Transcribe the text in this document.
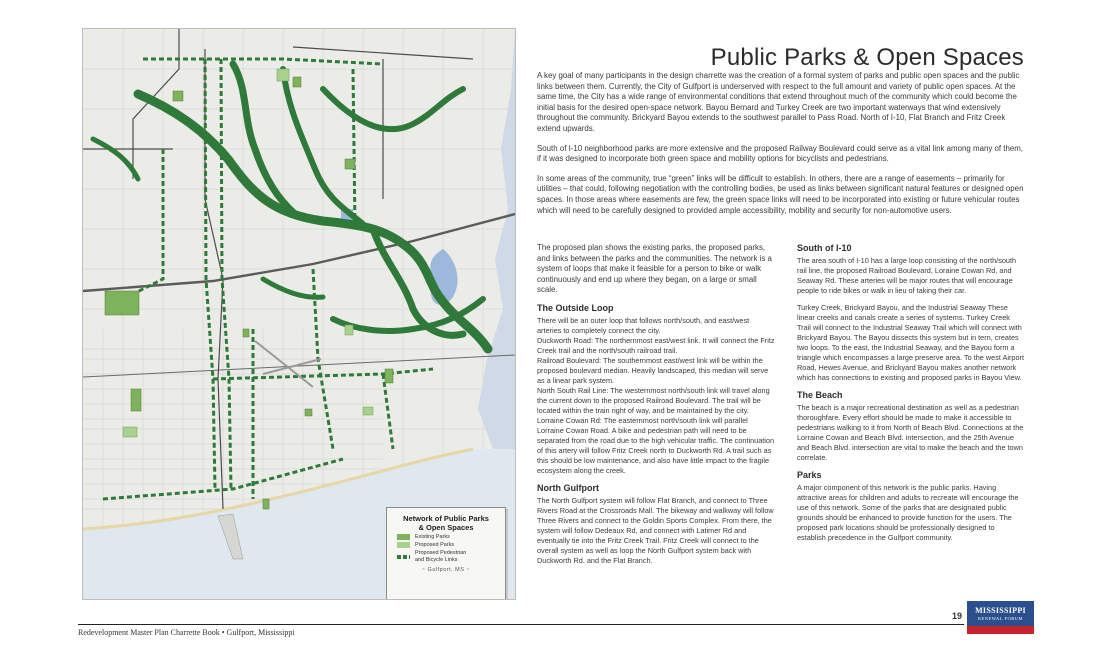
Network of Public Parks
& Open Spaces
Existing Parks
Proposed Parks
Proposed Pedestrian and Bicycle Links
~ Gulfport, MS ~
Public Parks & Open Spaces

A key goal of many participants in the design charrette was the creation of a formal system of parks and public open spaces and the public links between them. Currently, the City of Gulfport is underserved with respect to the full amount and variety of public open spaces. At the same time, the City has a wide range of environmental conditions that extend throughout much of the community which could become the initial basis for the desired open-space network. Bayou Bernard and Turkey Creek are two important waterways that wind extensively throughout the community. Brickyard Bayou extends to the southwest parallel to Pass Road. North of I-10, Flat Branch and Fritz Creek extend upwards.

South of I-10 neighborhood parks are more extensive and the proposed Railway Boulevard could serve as a vital link among many of them, if it was designed to incorporate both green space and mobility options for bicyclists and pedestrians.

In some areas of the community, true “green” links will be difficult to establish. In others, there are a range of easements – primarily for utilities – that could, following negotiation with the controlling bodies, be used as links between significant natural features or designed open spaces. In those areas where easements are few, the green space links will need to be incorporated into existing or future vehicular routes which will need to be carefully designed to provided ample accessibility, mobility and security for non-automotive users.

The proposed plan shows the existing parks, the proposed parks, and links between the parks and the communities. The network is a system of loops that make it feasible for a person to bike or walk continuously and end up where they began, on a large or small scale.

The Outside Loop

There will be an outer loop that follows north/south, and east/west arteries to completely connect the city.
Duckworth Road: The northernmost east/west link. It will connect the Fritz Creek trail and the north/south railroad trail.
Railroad Boulevard: The southernmost east/west link will be within the proposed boulevard median. Heavily landscaped, this median will serve as a linear park system.
North South Rail Line: The westernmost north/south link will travel along the current down to the proposed Railroad Boulevard. The trail will be located within the train right of way, and be maintained by the city.
Lorraine Cowan Rd: The easternmost north/south link will parallel Lorraine Cowan Road. A bike and pedestrian path will need to be separated from the road due to the high vehicular traffic. The continuation of this artery will follow Fritz Creek north to Duckworth Rd. A trail such as this should be low maintenance, and also have little impact to the fragile ecosystem along the creek.

North Gulfport

The North Gulfport system will follow Flat Branch, and connect to Three Rivers Road at the Crossroads Mall. The bikeway and walkway will follow Three Rivers and connect to the Goldin Sports Complex. From there, the system will follow Dedeaux Rd, and connect with Latimer Rd and eventually tie into the Fritz Creek Trail. Fritz Creek will connect to the overall system as well as loop the North Gulfport system back with Duckworth Rd. and the Flat Branch.

South of I-10

The area south of I-10 has a large loop consisting of the north/south rail line, the proposed Railroad Boulevard, Loraine Cowan Rd, and Seaway Rd. These arteries will be major routes that will encourage people to ride bikes or walk in lieu of taking their car.

Turkey Creek, Brickyard Bayou, and the Industrial Seaway These linear creeks and canals create a series of systems. Turkey Creek Trail will connect to the Industrial Seaway Trail which will connect with Brickyard Bayou. The Bayou dissects this system but in tern, creates two loops. To the east, the Industrial Seaway, and the Bayou form a triangle which encompasses a large preserve area. To the west Airport Road, Hewes Avenue, and Brickyard Bayou makes another network which has connections to existing and proposed parks in Bayou View.

The Beach

The beach is a major recreational destination as well as a pedestrian thoroughfare. Every effort should be made to make it accessible to pedestrians walking to it from North of Beach Blvd. Connections at the Lorraine Cowan and Beach Blvd. intersection, and the 25th Avenue and Beach Blvd. intersection are vital to make the beach and the town correlate.

Parks

A major component of this network is the public parks. Having attractive areas for children and adults to recreate will encourage the use of this network. Some of the parks that are designated public grounds should be enhanced to provide function for the users. The proposed park locations should be professionally designed to establish precedence in the Gulfport community.

19
MISSISSIPPI
RENEWAL FORUM
Redevelopment Master Plan Charrette Book • Gulfport, Mississippi
